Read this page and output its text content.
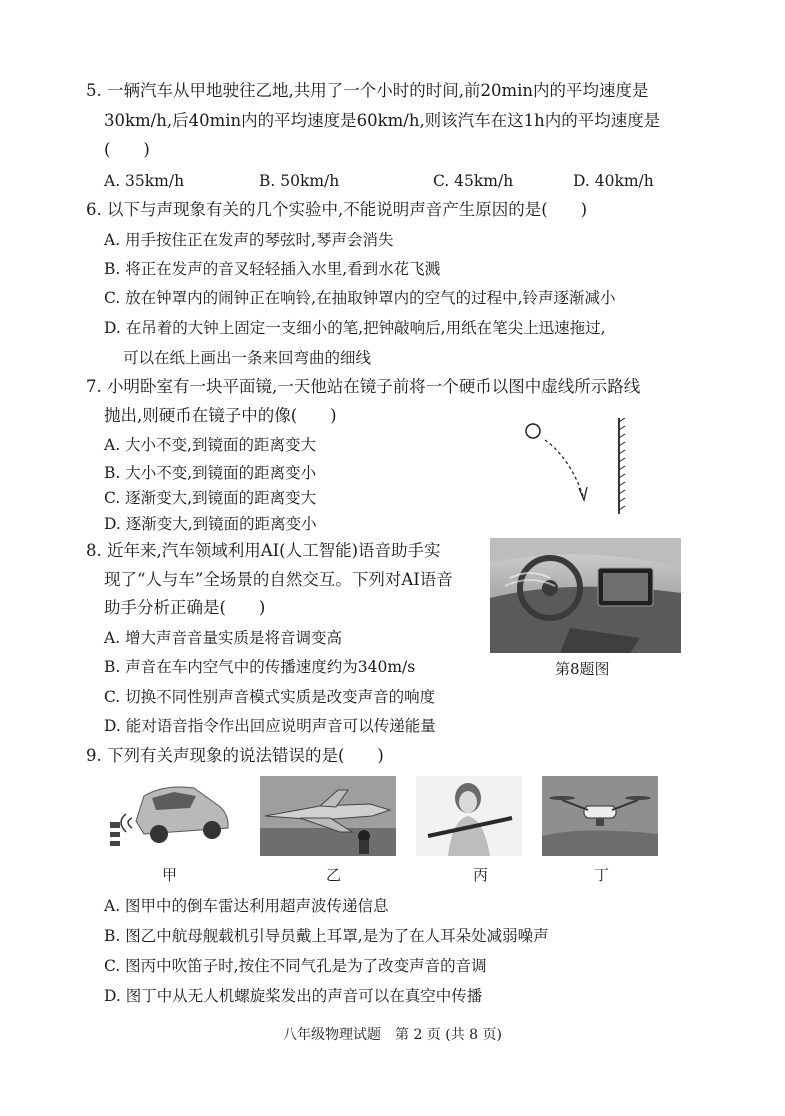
5. 一辆汽车从甲地驶往乙地,共用了一个小时的时间,前20min内的平均速度是
30km/h,后40min内的平均速度是60km/h,则该汽车在这1h内的平均速度是
(　　)
A. 35km/h	B. 50km/h	C. 45km/h	D. 40km/h
6. 以下与声现象有关的几个实验中,不能说明声音产生原因的是(　　)
A. 用手按住正在发声的琴弦时,琴声会消失
B. 将正在发声的音叉轻轻插入水里,看到水花飞溅
C. 放在钟罩内的闹钟正在响铃,在抽取钟罩内的空气的过程中,铃声逐渐减小
D. 在吊着的大钟上固定一支细小的笔,把钟敲响后,用纸在笔尖上迅速拖过,
可以在纸上画出一条来回弯曲的细线
7. 小明卧室有一块平面镜,一天他站在镜子前将一个硬币以图中虚线所示路线
抛出,则硬币在镜子中的像(　　)
A. 大小不变,到镜面的距离变大
B. 大小不变,到镜面的距离变小
C. 逐渐变大,到镜面的距离变大
D. 逐渐变大,到镜面的距离变小
8. 近年来,汽车领域利用AI(人工智能)语音助手实
现了“人与车”全场景的自然交互。下列对AI语音
助手分析正确是(　　)
A. 增大声音音量实质是将音调变高
B. 声音在车内空气中的传播速度约为340m/s
C. 切换不同性别声音模式实质是改变声音的响度
D. 能对语音指令作出回应说明声音可以传递能量
第8题图
9. 下列有关声现象的说法错误的是(　　)
甲	乙	丙	丁
A. 图甲中的倒车雷达利用超声波传递信息
B. 图乙中航母舰载机引导员戴上耳罩,是为了在人耳朵处减弱噪声
C. 图丙中吹笛子时,按住不同气孔是为了改变声音的音调
D. 图丁中从无人机螺旋桨发出的声音可以在真空中传播
八年级物理试题　第 2 页 (共 8 页)
